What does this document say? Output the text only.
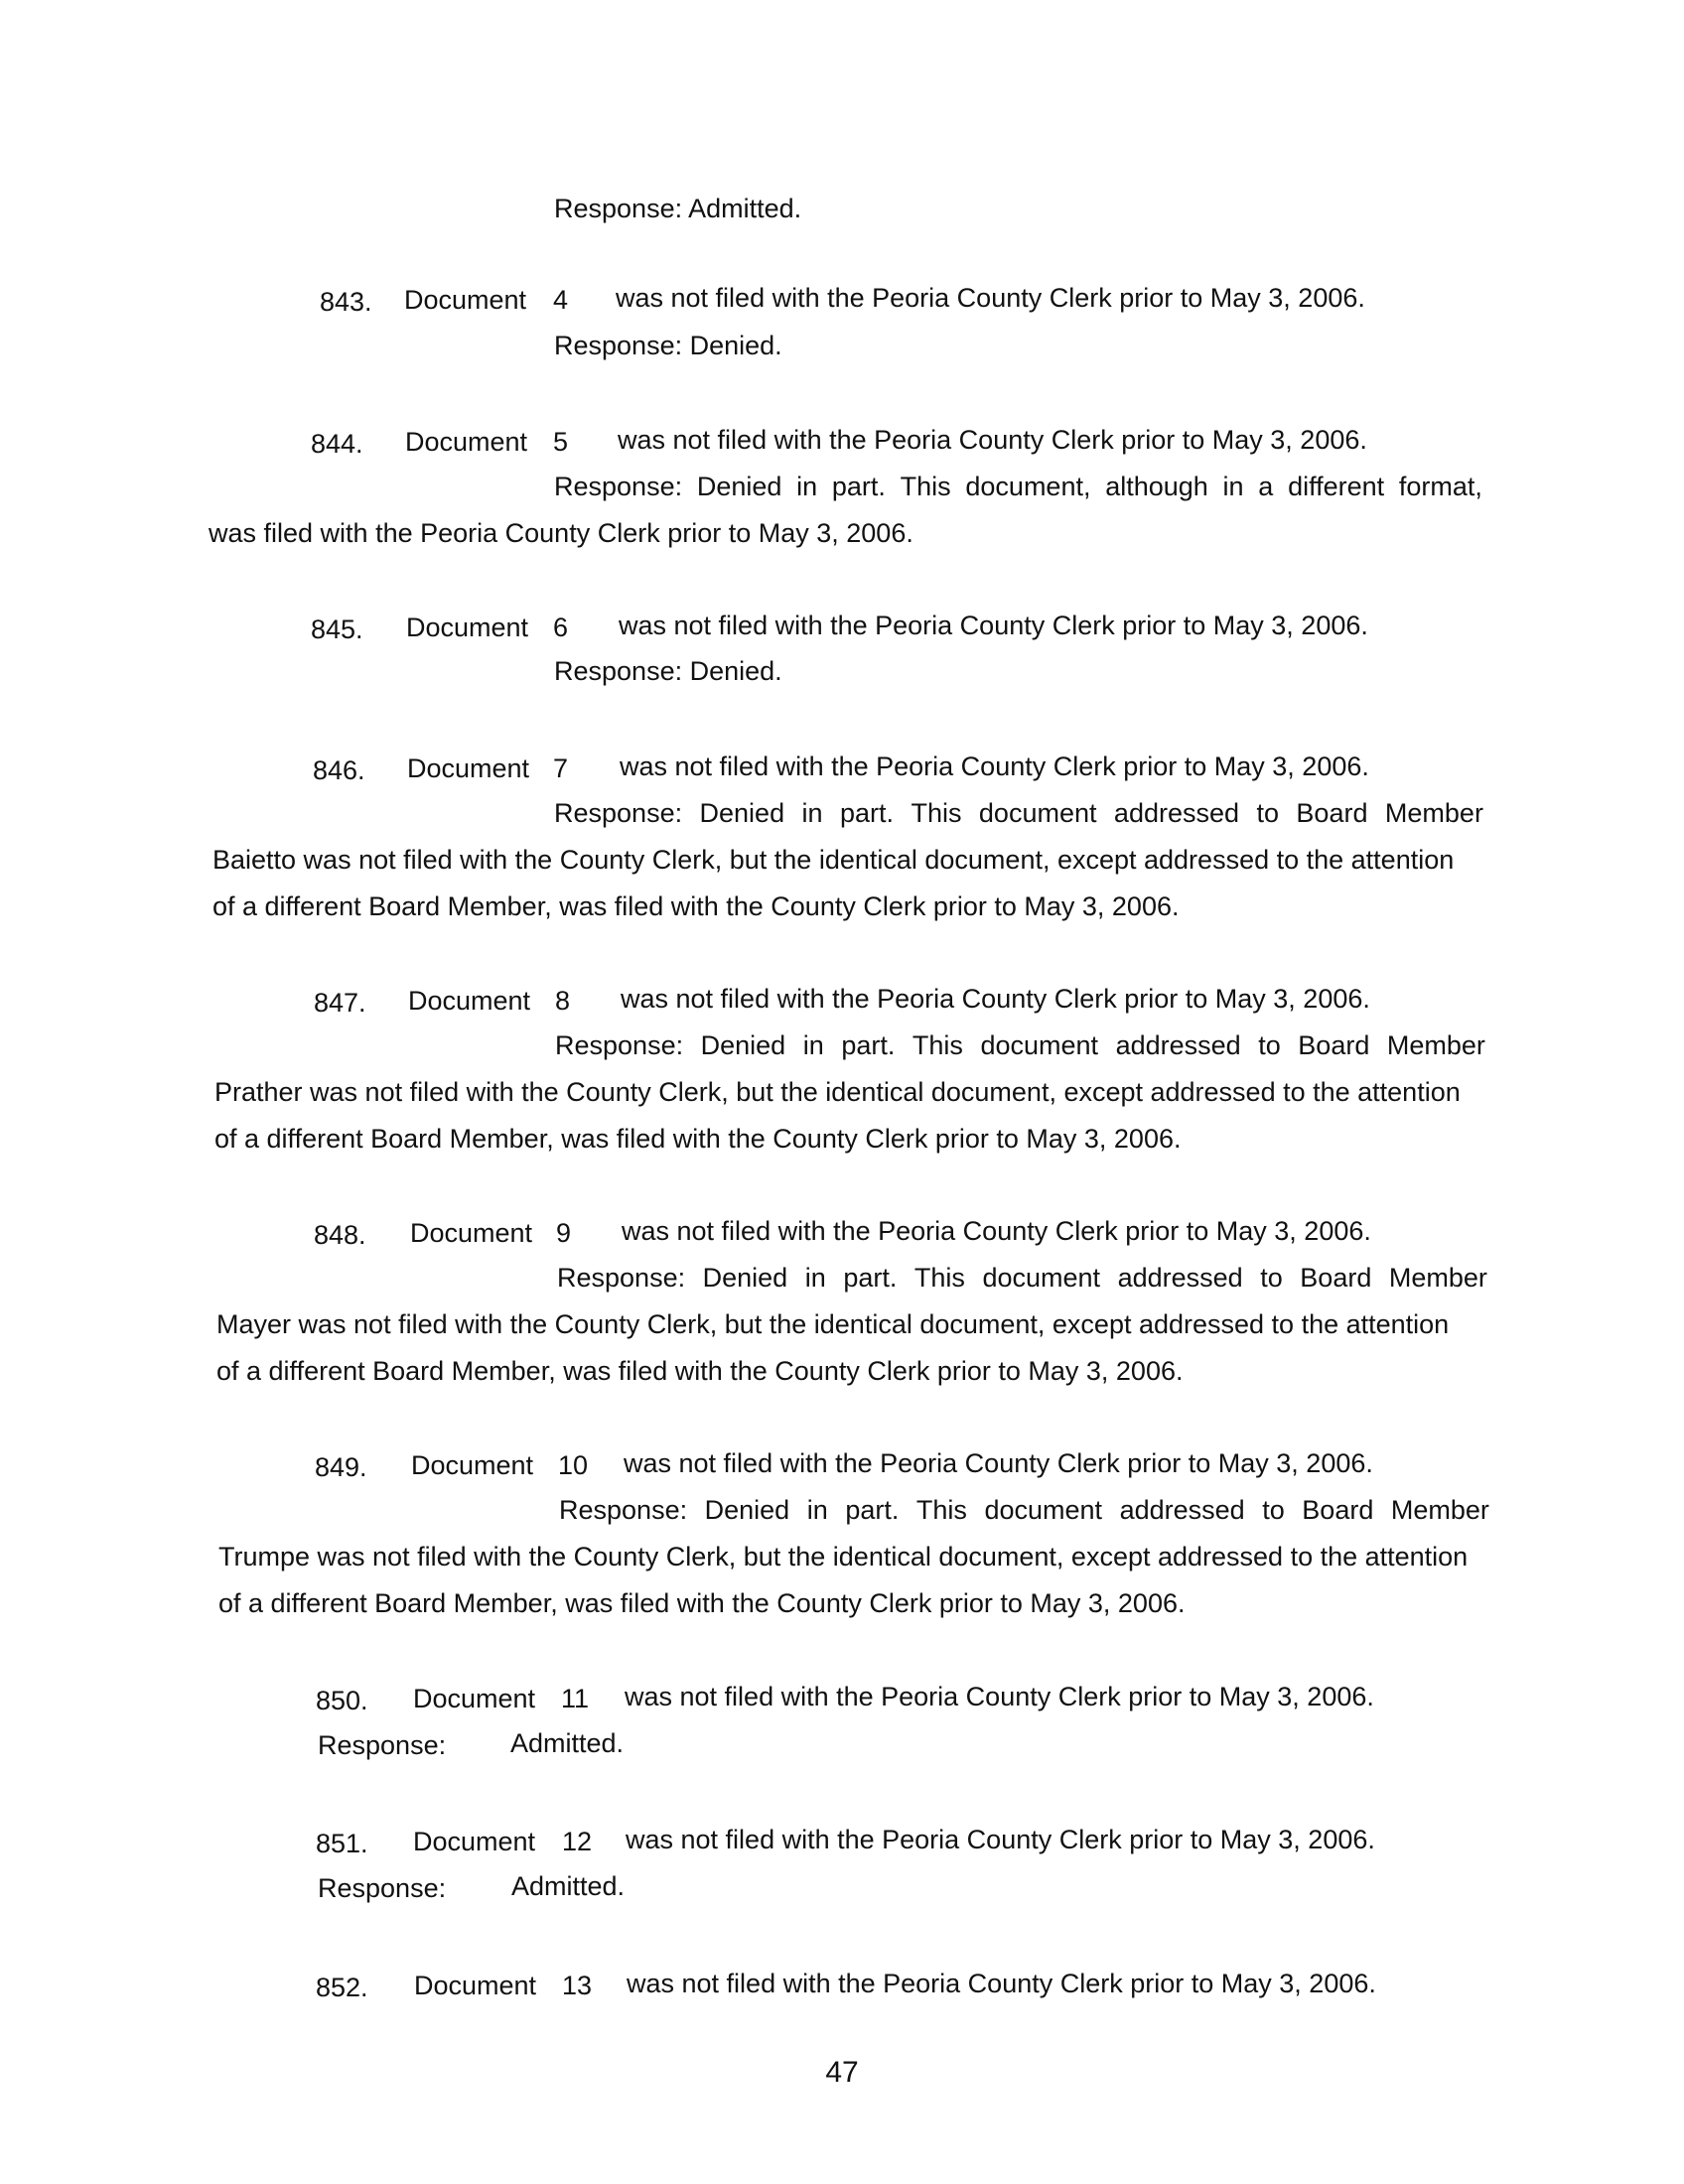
Response: Admitted.
843. Document 4 was not filed with the Peoria County Clerk prior to May 3, 2006.
Response: Denied.
844. Document 5 was not filed with the Peoria County Clerk prior to May 3, 2006.
Response: Denied in part. This document, although in a different format,
was filed with the Peoria County Clerk prior to May 3, 2006.
845. Document 6 was not filed with the Peoria County Clerk prior to May 3, 2006.
Response: Denied.
846. Document 7 was not filed with the Peoria County Clerk prior to May 3, 2006.
Response: Denied in part. This document addressed to Board Member
Baietto was not filed with the County Clerk, but the identical document, except addressed to the attention
of a different Board Member, was filed with the County Clerk prior to May 3, 2006.
847. Document 8 was not filed with the Peoria County Clerk prior to May 3, 2006.
Response: Denied in part. This document addressed to Board Member
Prather was not filed with the County Clerk, but the identical document, except addressed to the attention
of a different Board Member, was filed with the County Clerk prior to May 3, 2006.
848. Document 9 was not filed with the Peoria County Clerk prior to May 3, 2006.
Response: Denied in part. This document addressed to Board Member
Mayer was not filed with the County Clerk, but the identical document, except addressed to the attention
of a different Board Member, was filed with the County Clerk prior to May 3, 2006.
849. Document 10 was not filed with the Peoria County Clerk prior to May 3, 2006.
Response: Denied in part. This document addressed to Board Member
Trumpe was not filed with the County Clerk, but the identical document, except addressed to the attention
of a different Board Member, was filed with the County Clerk prior to May 3, 2006.
850. Document 11 was not filed with the Peoria County Clerk prior to May 3, 2006.
Response: Admitted.
851. Document 12 was not filed with the Peoria County Clerk prior to May 3, 2006.
Response: Admitted.
852. Document 13 was not filed with the Peoria County Clerk prior to May 3, 2006.
47
